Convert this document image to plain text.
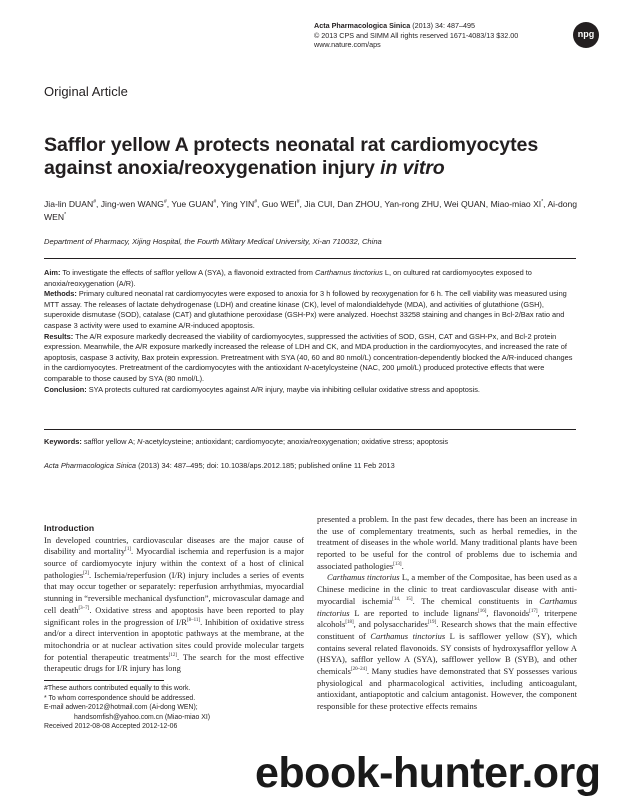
Acta Pharmacologica Sinica (2013) 34: 487–495
© 2013 CPS and SIMM All rights reserved 1671-4083/13 $32.00
www.nature.com/aps
npg
Original Article
Safflor yellow A protects neonatal rat cardiomyocytes against anoxia/reoxygenation injury in vitro
Jia-lin DUAN#, Jing-wen WANG#, Yue GUAN#, Ying YIN#, Guo WEI#, Jia CUI, Dan ZHOU, Yan-rong ZHU, Wei QUAN, Miao-miao XI*, Ai-dong WEN*
Department of Pharmacy, Xijing Hospital, the Fourth Military Medical University, Xi-an 710032, China

Aim: To investigate the effects of safflor yellow A (SYA), a flavonoid extracted from Carthamus tinctorius L, on cultured rat cardiomyocytes exposed to anoxia/reoxygenation (A/R).

Methods: Primary cultured neonatal rat cardiomyocytes were exposed to anoxia for 3 h followed by reoxygenation for 6 h. The cell viability was measured using MTT assay. The releases of lactate dehydrogenase (LDH) and creatine kinase (CK), level of malondialdehyde (MDA), and activities of glutathione (GSH), superoxide dismutase (SOD), catalase (CAT) and glutathione peroxidase (GSH-Px) were analyzed. Hoechst 33258 staining and changes in Bcl-2/Bax ratio and caspase 3 activity were used to examine A/R-induced apoptosis.

Results: The A/R exposure markedly decreased the viability of cardiomyocytes, suppressed the activities of SOD, GSH, CAT and GSH-Px, and Bcl-2 protein expression. Meanwhile, the A/R exposure markedly increased the release of LDH and CK, and MDA production in the cardiomyocytes, and increased the rate of apoptosis, caspase 3 activity, Bax protein expression. Pretreatment with SYA (40, 60 and 80 nmol/L) concentration-dependently blocked the A/R-induced changes in the cardiomyocytes. Pretreatment of the cardiomyocytes with the antioxidant N-acetylcysteine (NAC, 200 μmol/L) produced protective effects that were comparable to those caused by SYA (80 nmol/L).

Conclusion: SYA protects cultured rat cardiomyocytes against A/R injury, maybe via inhibiting cellular oxidative stress and apoptosis.

Keywords: safflor yellow A; N-acetylcysteine; antioxidant; cardiomyocyte; anoxia/reoxygenation; oxidative stress; apoptosis
Acta Pharmacologica Sinica (2013) 34: 487–495; doi: 10.1038/aps.2012.185; published online 11 Feb 2013
Introduction

In developed countries, cardiovascular diseases are the major cause of disability and mortality[1]. Myocardial ischemia and reperfusion is a major source of cardiomyocyte injury within the context of a host of clinical pathologies[2]. Ischemia/reperfusion (I/R) injury includes a series of events that may occur together or separately: reperfusion arrhythmias, myocardial stunning in “reversible mechanical dysfunction”, microvascular damage and cell death[3–7]. Oxidative stress and apoptosis have been reported to play significant roles in the progression of I/R[8–11]. Inhibition of oxidative stress and/or a direct intervention in apoptotic pathways at the membrane, at the mitochondria or at nuclear activation sites could provide molecular targets for potential therapeutic treatments[12]. The search for the most effective therapeutic drugs for I/R injury has long

presented a problem. In the past few decades, there has been an increase in the use of complementary treatments, such as herbal remedies, in the treatment of diseases in the whole world. Many traditional plants have been reported to be useful for the control of problems due to ischemia and associated pathologies[13].

Carthamus tinctorius L, a member of the Compositae, has been used as a Chinese medicine in the clinic to treat cardiovascular disease with anti-myocardial ischemia[14, 15]. The chemical constituents in Carthamus tinctorius L are reported to include lignans[16], flavonoids[17], triterpene alcohols[18], and polysaccharides[19]. Research shows that the main effective constituent of Carthamus tinctorius L is safflower yellow (SY), which contains several related flavonoids. SY consists of hydroxysafflor yellow A (HSYA), safflor yellow A (SYA), safflower yellow B (SYB), and other chemicals[20–24]. Many studies have demonstrated that SY possesses various physiological and pharmacological activities, including anticoagulant, antioxidant, antiapoptotic and calcium antagonist. However, the component responsible for these protective effects remains

#These authors contributed equally to this work.

* To whom correspondence should be addressed.

E-mail adwen-2012@hotmail.com (Ai-dong WEN);

handsomfish@yahoo.com.cn (Miao-miao XI)

Received 2012-08-08 Accepted 2012-12-06

ebook-hunter.org
